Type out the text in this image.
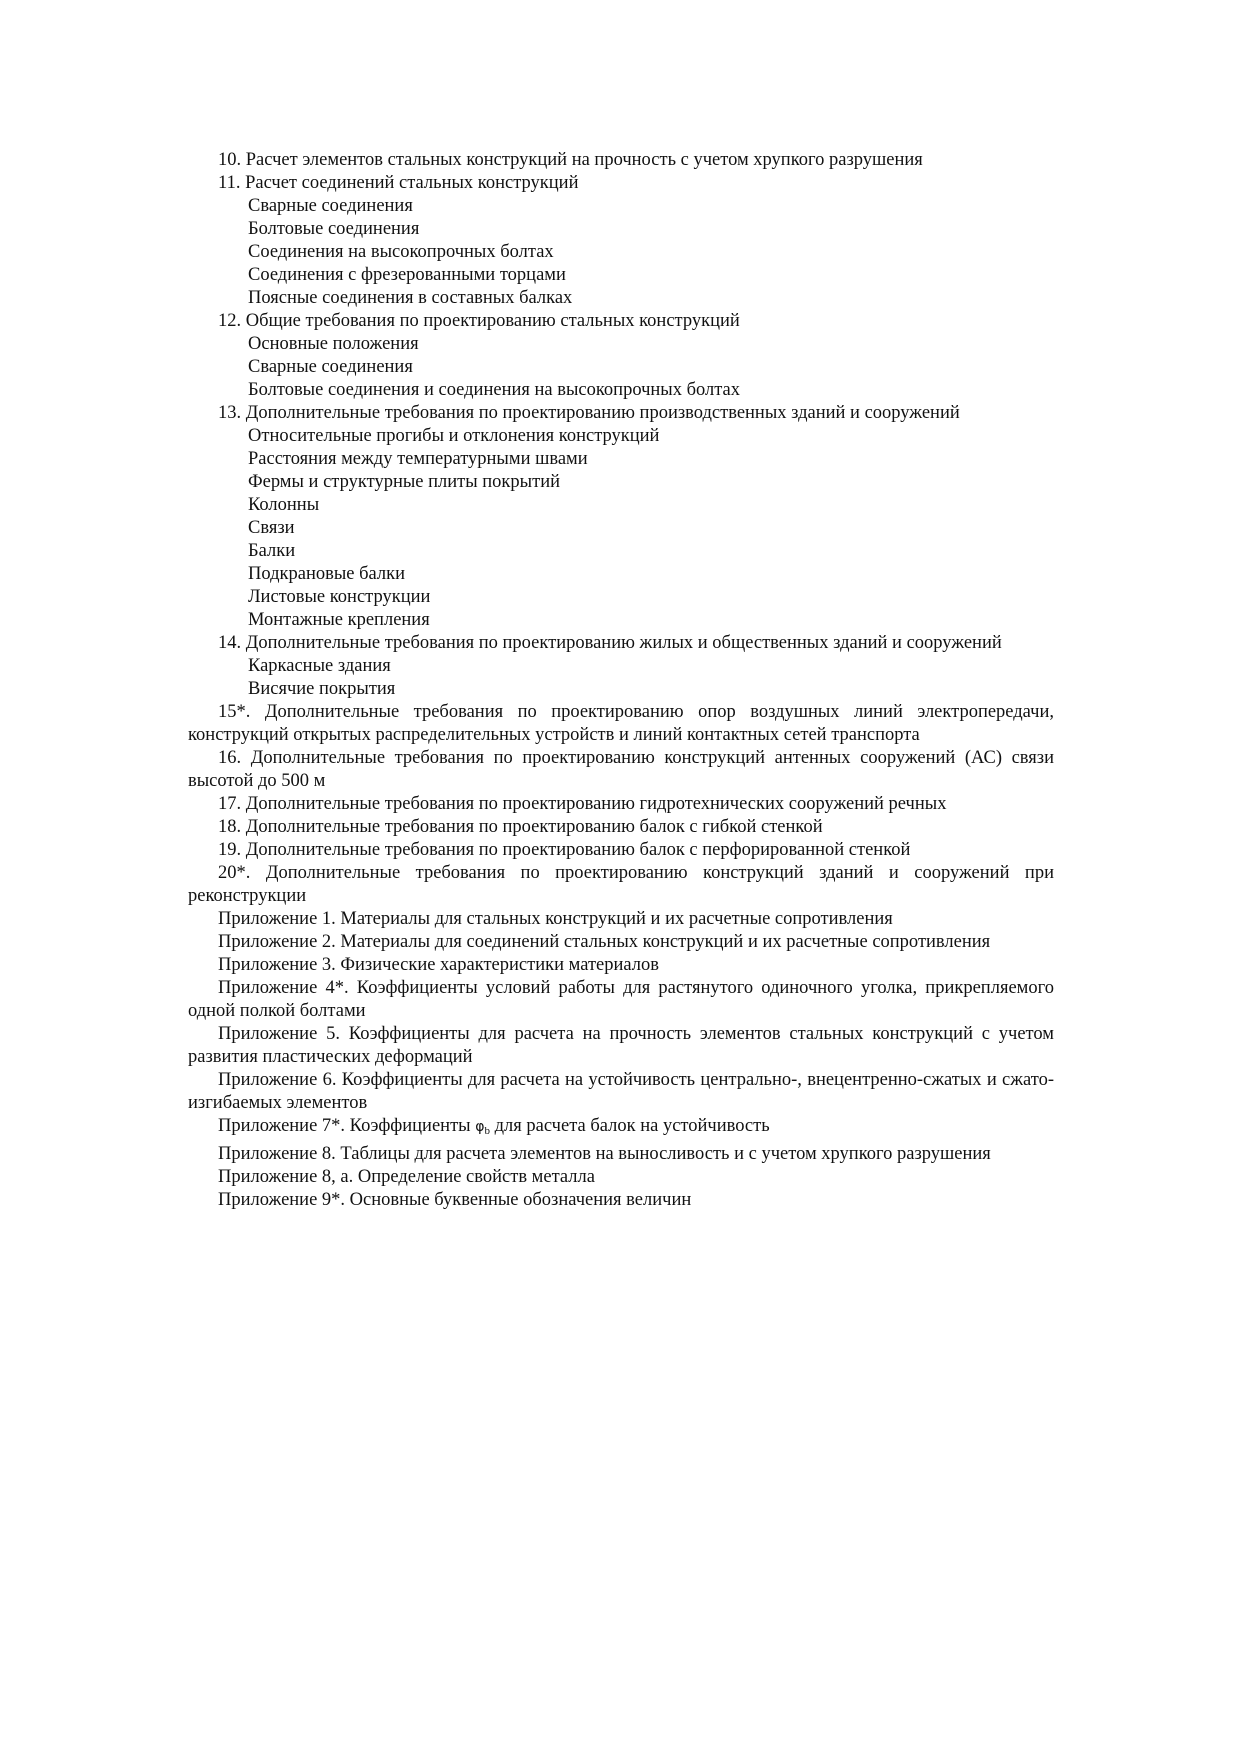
10. Расчет элементов стальных конструкций на прочность с учетом хрупкого разрушения

11. Расчет соединений стальных конструкций

Сварные соединения

Болтовые соединения

Соединения на высокопрочных болтах

Соединения с фрезерованными торцами

Поясные соединения в составных балках

12. Общие требования по проектированию стальных конструкций

Основные положения

Сварные соединения

Болтовые соединения и соединения на высокопрочных болтах

13. Дополнительные требования по проектированию производственных зданий и сооружений

Относительные прогибы и отклонения конструкций

Расстояния между температурными швами

Фермы и структурные плиты покрытий

Колонны

Связи

Балки

Подкрановые балки

Листовые конструкции

Монтажные крепления

14. Дополнительные требования по проектированию жилых и общественных зданий и сооружений

Каркасные здания

Висячие покрытия

15*. Дополнительные требования по проектированию опор воздушных линий электропередачи, конструкций открытых распределительных устройств и линий контактных сетей транспорта

16. Дополнительные требования по проектированию конструкций антенных сооружений (АС) связи высотой до 500 м

17. Дополнительные требования по проектированию гидротехнических сооружений речных

18. Дополнительные требования по проектированию балок с гибкой стенкой

19. Дополнительные требования по проектированию балок с перфорированной стенкой

20*. Дополнительные требования по проектированию конструкций зданий и сооружений при реконструкции

Приложение 1. Материалы для стальных конструкций и их расчетные сопротивления

Приложение 2. Материалы для соединений стальных конструкций и их расчетные сопротивления

Приложение 3. Физические характеристики материалов

Приложение 4*. Коэффициенты условий работы для растянутого одиночного уголка, прикрепляемого одной полкой болтами

Приложение 5. Коэффициенты для расчета на прочность элементов стальных конструкций с учетом развития пластических деформаций

Приложение 6. Коэффициенты для расчета на устойчивость центрально-, внецентренно-сжатых и сжато-изгибаемых элементов

Приложение 7*. Коэффициенты φb для расчета балок на устойчивость

Приложение 8. Таблицы для расчета элементов на выносливость и с учетом хрупкого разрушения

Приложение 8, а. Определение свойств металла

Приложение 9*. Основные буквенные обозначения величин
